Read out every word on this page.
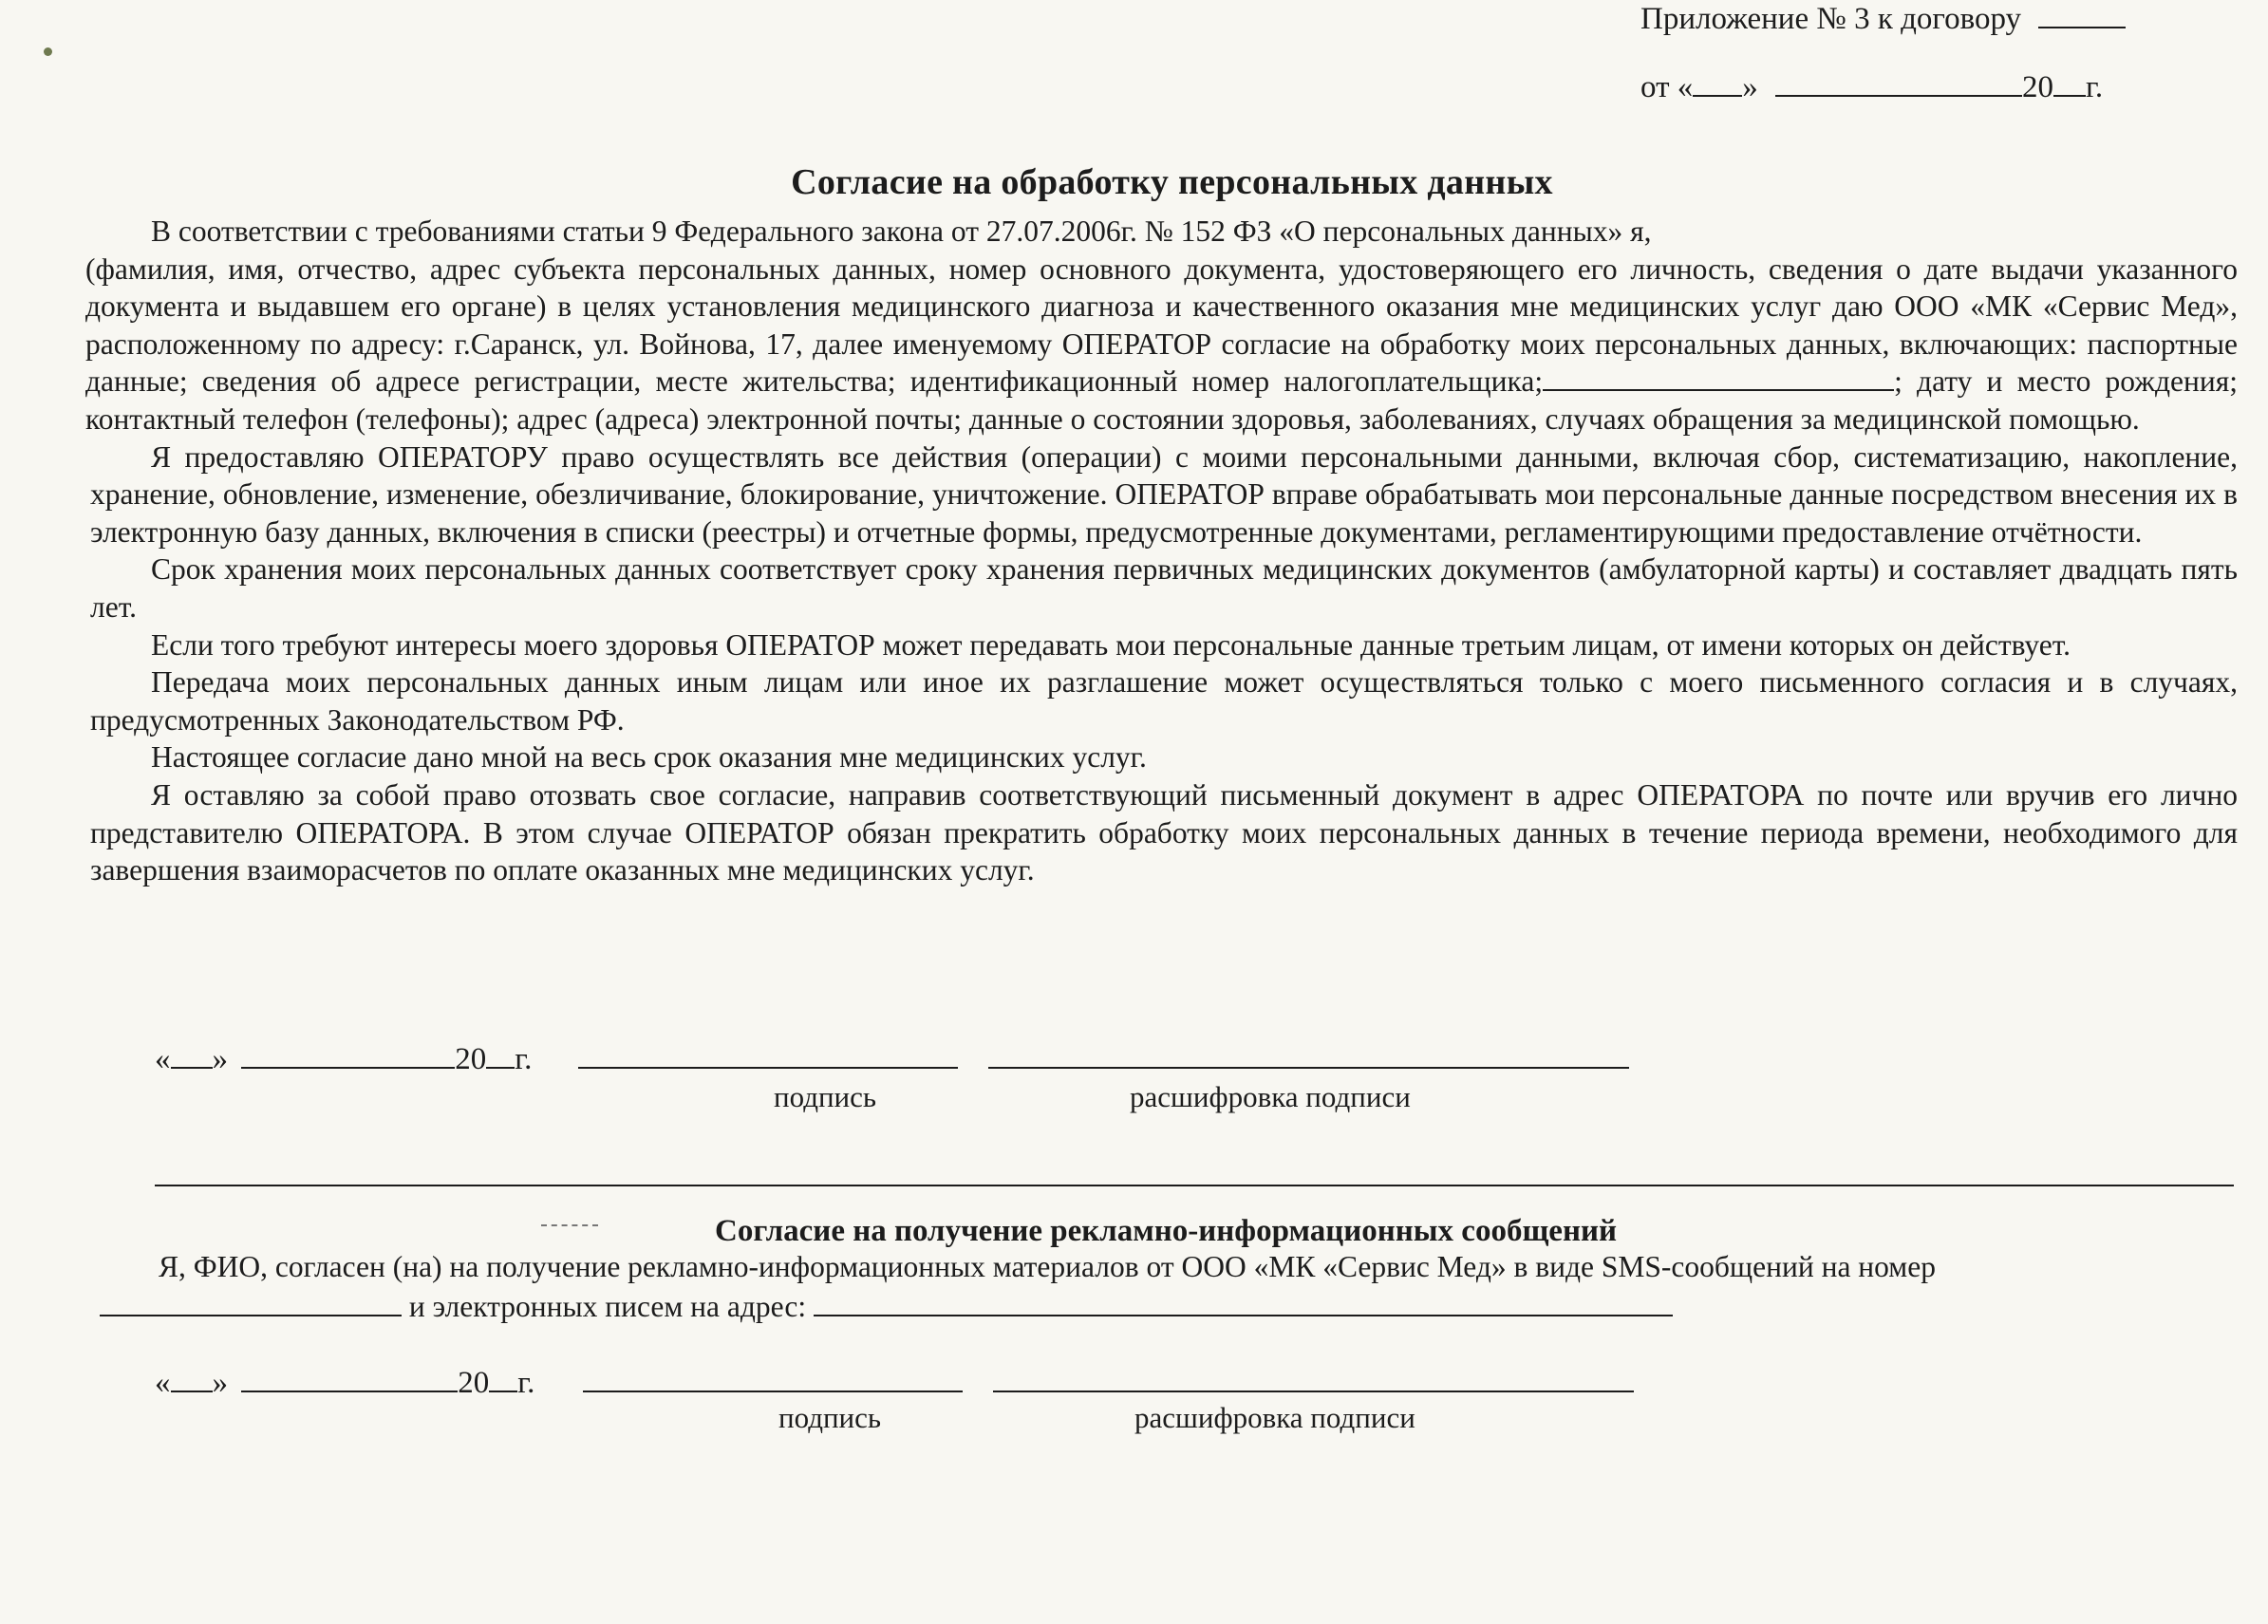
Приложение № 3 к договору
от « »	20 г.
Согласие на обработку персональных данных

В соответствии с требованиями статьи 9 Федерального закона от 27.07.2006г. № 152 ФЗ «О персональных данных» я,

(фамилия, имя, отчество, адрес субъекта персональных данных, номер основного документа, удостоверяющего его личность, сведения о дате выдачи указанного документа и выдавшем его органе) в целях установления медицинского диагноза и качественного оказания мне медицинских услуг даю ООО «МК «Сервис Мед», расположенному по адресу: г.Саранск, ул. Войнова, 17, далее именуемому ОПЕРАТОР согласие на обработку моих персональных данных, включающих: паспортные данные; сведения об адресе регистрации, месте жительства; идентификационный номер налогоплательщика;	; дату и место рождения; контактный телефон (телефоны); адрес (адреса) электронной почты; данные о состоянии здоровья, заболеваниях, случаях обращения за медицинской помощью.

Я предоставляю ОПЕРАТОРУ право осуществлять все действия (операции) с моими персональными данными, включая сбор, систематизацию, накопление, хранение, обновление, изменение, обезличивание, блокирование, уничтожение. ОПЕРАТОР вправе обрабатывать мои персональные данные посредством внесения их в электронную базу данных, включения в списки (реестры) и отчетные формы, предусмотренные документами, регламентирующими предоставление отчётности.

Срок хранения моих персональных данных соответствует сроку хранения первичных медицинских документов (амбулаторной карты) и составляет двадцать пять лет.

Если того требуют интересы моего здоровья ОПЕРАТОР может передавать мои персональные данные третьим лицам, от имени которых он действует.

Передача моих персональных данных иным лицам или иное их разглашение может осуществляться только с моего письменного согласия и в случаях, предусмотренных Законодательством РФ.

Настоящее согласие дано мной на весь срок оказания мне медицинских услуг.

Я оставляю за собой право отозвать свое согласие, направив соответствующий письменный документ в адрес ОПЕРАТОРА по почте или вручив его лично представителю ОПЕРАТОРА. В этом случае ОПЕРАТОР обязан прекратить обработку моих персональных данных в течение периода времени, необходимого для завершения взаиморасчетов по оплате оказанных мне медицинских услуг.

« »	20 г.
подпись	расшифровка подписи
Согласие на получение рекламно-информационных сообщений

Я, ФИО, согласен (на) на получение рекламно-информационных материалов от ООО «МК «Сервис Мед» в виде SMS-сообщений на номер

и электронных писем на адрес:
« »	20 г.
подпись	расшифровка подписи
